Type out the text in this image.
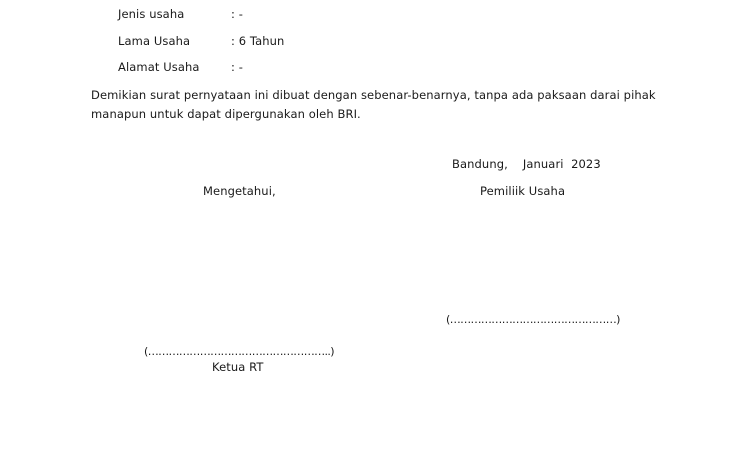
Jenis usaha	: -
Lama Usaha	: 6 Tahun
Alamat Usaha	: -
Demikian surat pernyataan ini dibuat dengan sebenar-benarnya, tanpa ada paksaan darai pihak
manapun untuk dapat dipergunakan oleh BRI.
Bandung,    Januari  2023
Mengetahui,	Pemiliik Usaha
(…………………………………………)
(……………………………………………..)
Ketua RT
